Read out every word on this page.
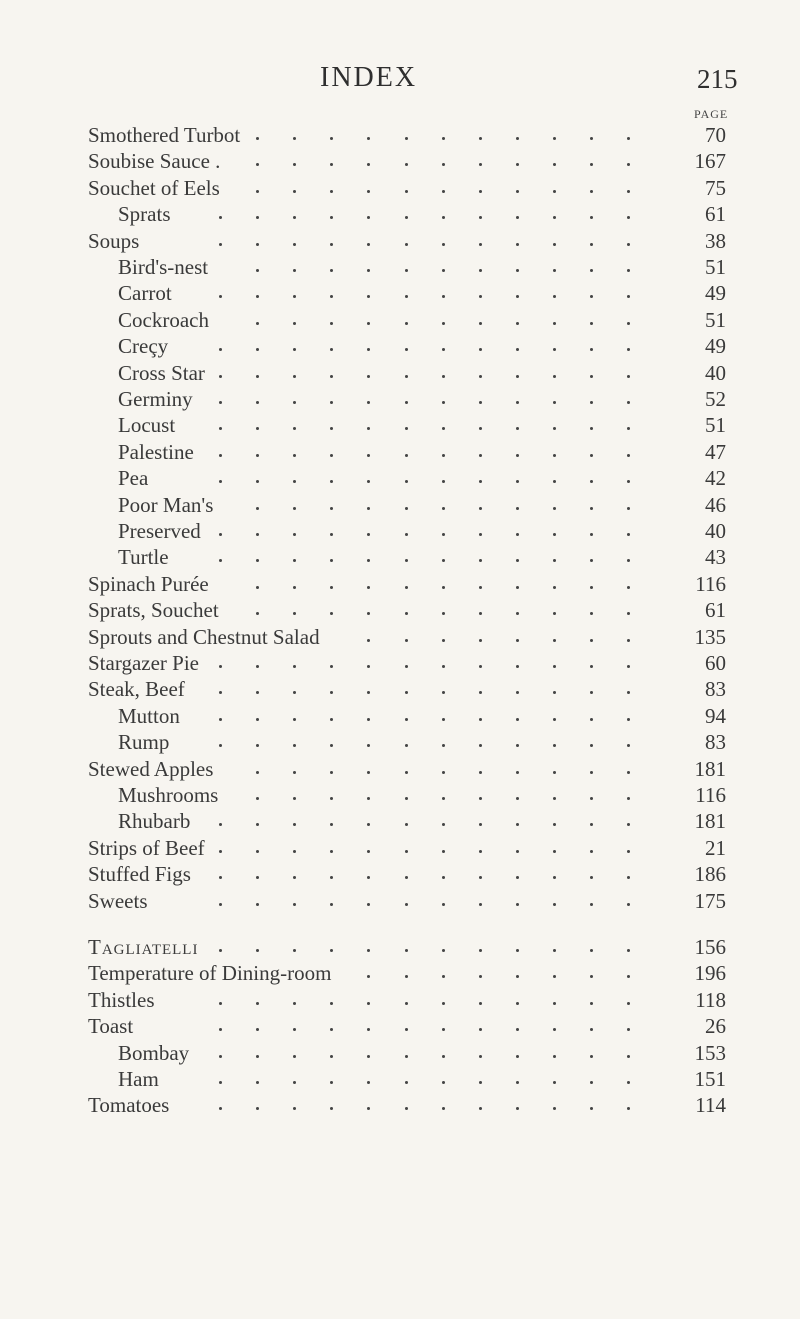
INDEX	215
PAGE
Smothered Turbot	70
Soubise Sauce .	167
Souchet of Eels	75
Sprats	61
Soups	38
Bird's-nest	51
Carrot	49
Cockroach	51
Creçy	49
Cross Star	40
Germiny	52
Locust	51
Palestine	47
Pea	42
Poor Man's	46
Preserved	40
Turtle	43
Spinach Purée	116
Sprats, Souchet	61
Sprouts and Chestnut Salad	135
Stargazer Pie	60
Steak, Beef	83
Mutton	94
Rump	83
Stewed Apples	181
Mushrooms	116
Rhubarb	181
Strips of Beef	21
Stuffed Figs	186
Sweets	175
Tagliatelli	156
Temperature of Dining-room	196
Thistles	118
Toast	26
Bombay	153
Ham	151
Tomatoes	114
